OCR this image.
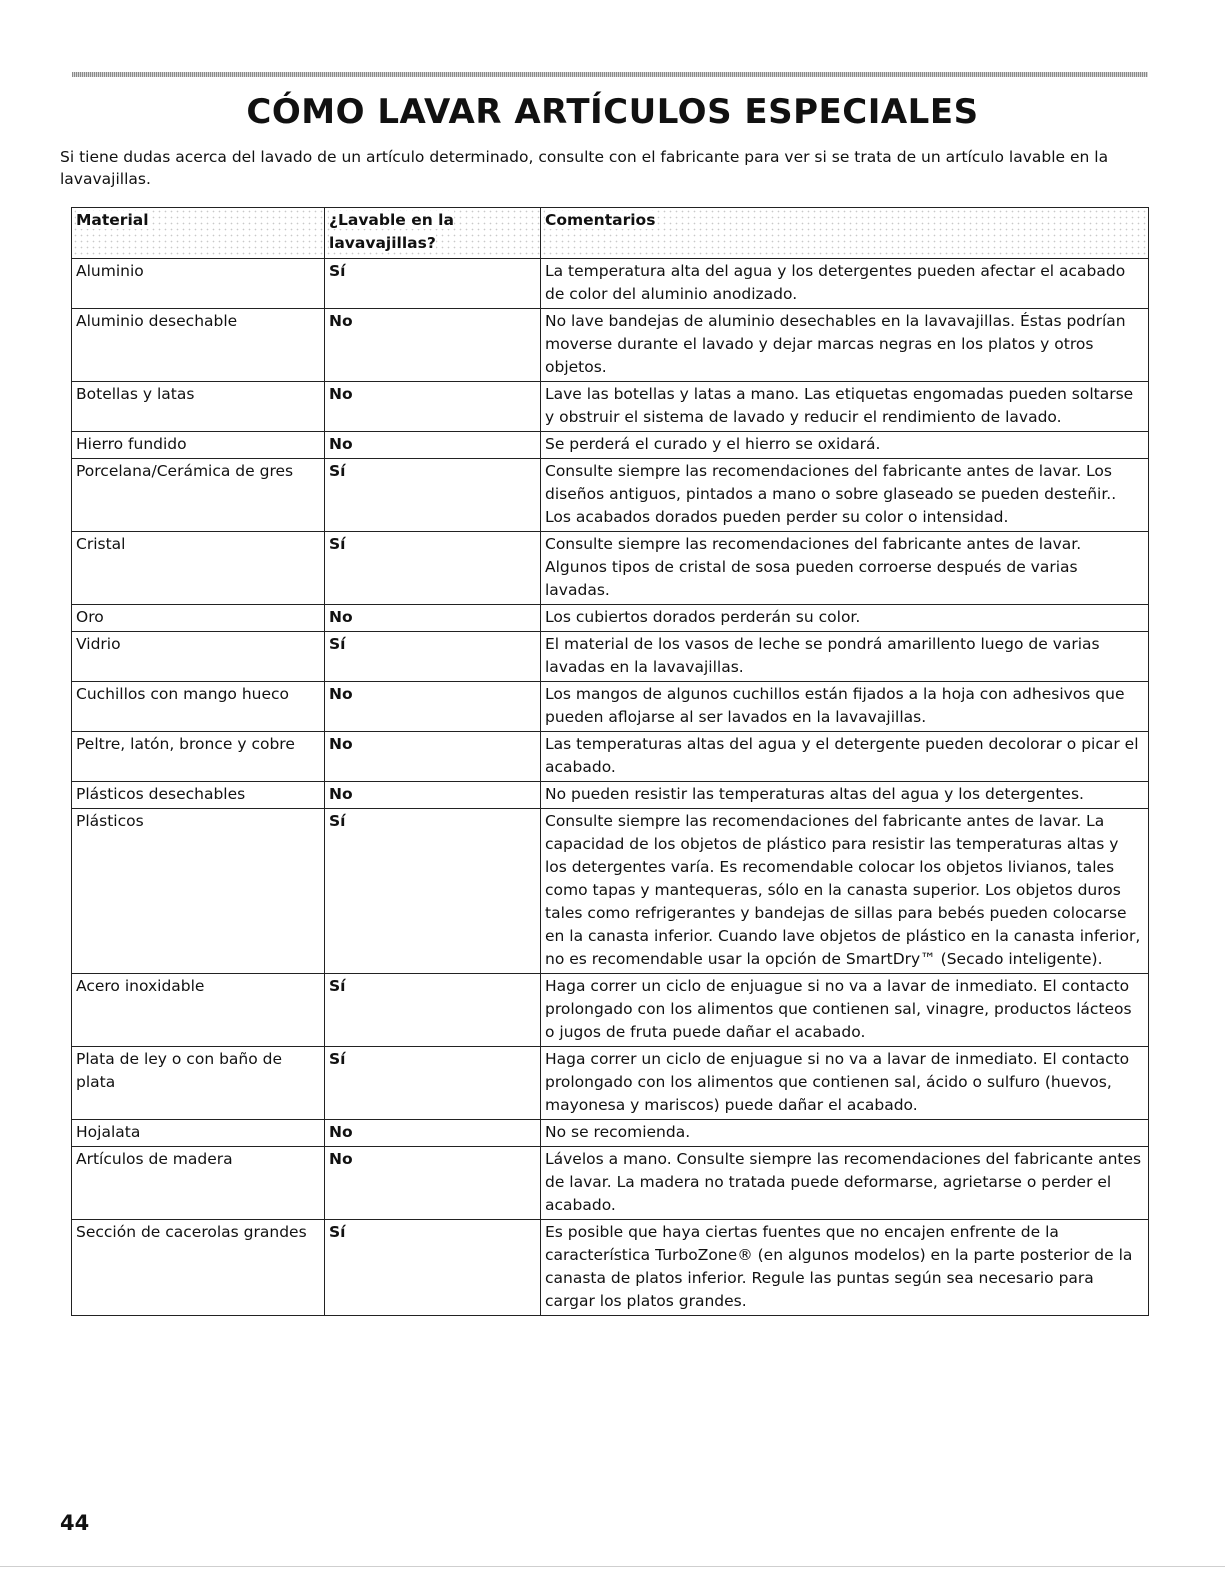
CÓMO LAVAR ARTÍCULOS ESPECIALES

Si tiene dudas acerca del lavado de un artículo determinado, consulte con el fabricante para ver si se trata de un artículo lavable en la lavavajillas.

Material	¿Lavable en la lavavajillas?	Comentarios
Aluminio	Sí	La temperatura alta del agua y los detergentes pueden afectar el acabado de color del aluminio anodizado.
Aluminio desechable	No	No lave bandejas de aluminio desechables en la lavavajillas. Éstas podrían moverse durante el lavado y dejar marcas negras en los platos y otros objetos.
Botellas y latas	No	Lave las botellas y latas a mano. Las etiquetas engomadas pueden soltarse y obstruir el sistema de lavado y reducir el rendimiento de lavado.
Hierro fundido	No	Se perderá el curado y el hierro se oxidará.
Porcelana/Cerámica de gres	Sí	Consulte siempre las recomendaciones del fabricante antes de lavar. Los diseños antiguos, pintados a mano o sobre glaseado se pueden desteñir.. Los acabados dorados pueden perder su color o intensidad.
Cristal	Sí	Consulte siempre las recomendaciones del fabricante antes de lavar. Algunos tipos de cristal de sosa pueden corroerse después de varias lavadas.
Oro	No	Los cubiertos dorados perderán su color.
Vidrio	Sí	El material de los vasos de leche se pondrá amarillento luego de varias lavadas en la lavavajillas.
Cuchillos con mango hueco	No	Los mangos de algunos cuchillos están fijados a la hoja con adhesivos que pueden aflojarse al ser lavados en la lavavajillas.
Peltre, latón, bronce y cobre	No	Las temperaturas altas del agua y el detergente pueden decolorar o picar el acabado.
Plásticos desechables	No	No pueden resistir las temperaturas altas del agua y los detergentes.
Plásticos	Sí	Consulte siempre las recomendaciones del fabricante antes de lavar. La capacidad de los objetos de plástico para resistir las temperaturas altas y los detergentes varía. Es recomendable colocar los objetos livianos, tales como tapas y mantequeras, sólo en la canasta superior. Los objetos duros tales como refrigerantes y bandejas de sillas para bebés pueden colocarse en la canasta inferior. Cuando lave objetos de plástico en la canasta inferior, no es recomendable usar la opción de SmartDry™ (Secado inteligente).
Acero inoxidable	Sí	Haga correr un ciclo de enjuague si no va a lavar de inmediato. El contacto prolongado con los alimentos que contienen sal, vinagre, productos lácteos o jugos de fruta puede dañar el acabado.
Plata de ley o con baño de plata	Sí	Haga correr un ciclo de enjuague si no va a lavar de inmediato. El contacto prolongado con los alimentos que contienen sal, ácido o sulfuro (huevos, mayonesa y mariscos) puede dañar el acabado.
Hojalata	No	No se recomienda.
Artículos de madera	No	Lávelos a mano. Consulte siempre las recomendaciones del fabricante antes de lavar. La madera no tratada puede deformarse, agrietarse o perder el acabado.
Sección de cacerolas grandes	Sí	Es posible que haya ciertas fuentes que no encajen enfrente de la característica TurboZone® (en algunos modelos) en la parte posterior de la canasta de platos inferior. Regule las puntas según sea necesario para cargar los platos grandes.

44
